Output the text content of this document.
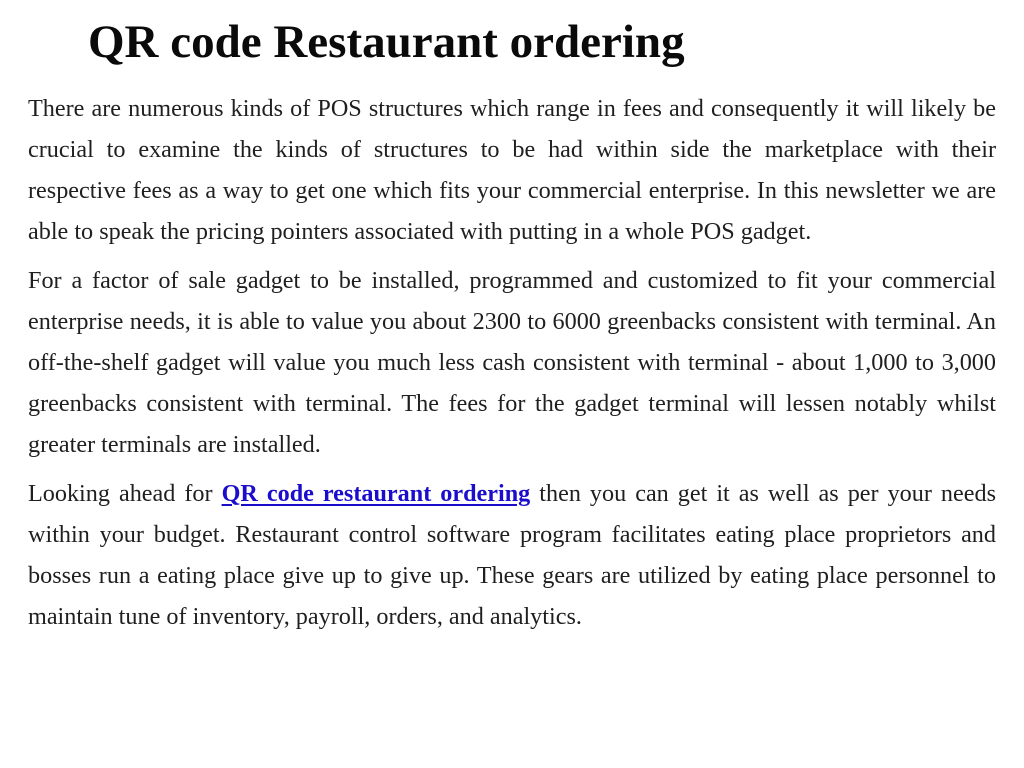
QR code Restaurant ordering

There are numerous kinds of POS structures which range in fees and consequently it will likely be crucial to examine the kinds of structures to be had within side the marketplace with their respective fees as a way to get one which fits your commercial enterprise. In this newsletter we are able to speak the pricing pointers associated with putting in a whole POS gadget.

For a factor of sale gadget to be installed, programmed and customized to fit your commercial enterprise needs, it is able to value you about 2300 to 6000 greenbacks consistent with terminal. An off-the-shelf gadget will value you much less cash consistent with terminal - about 1,000 to 3,000 greenbacks consistent with terminal. The fees for the gadget terminal will lessen notably whilst greater terminals are installed.

Looking ahead for QR code restaurant ordering then you can get it as well as per your needs within your budget. Restaurant control software program facilitates eating place proprietors and bosses run a eating place give up to give up. These gears are utilized by eating place personnel to maintain tune of inventory, payroll, orders, and analytics.
